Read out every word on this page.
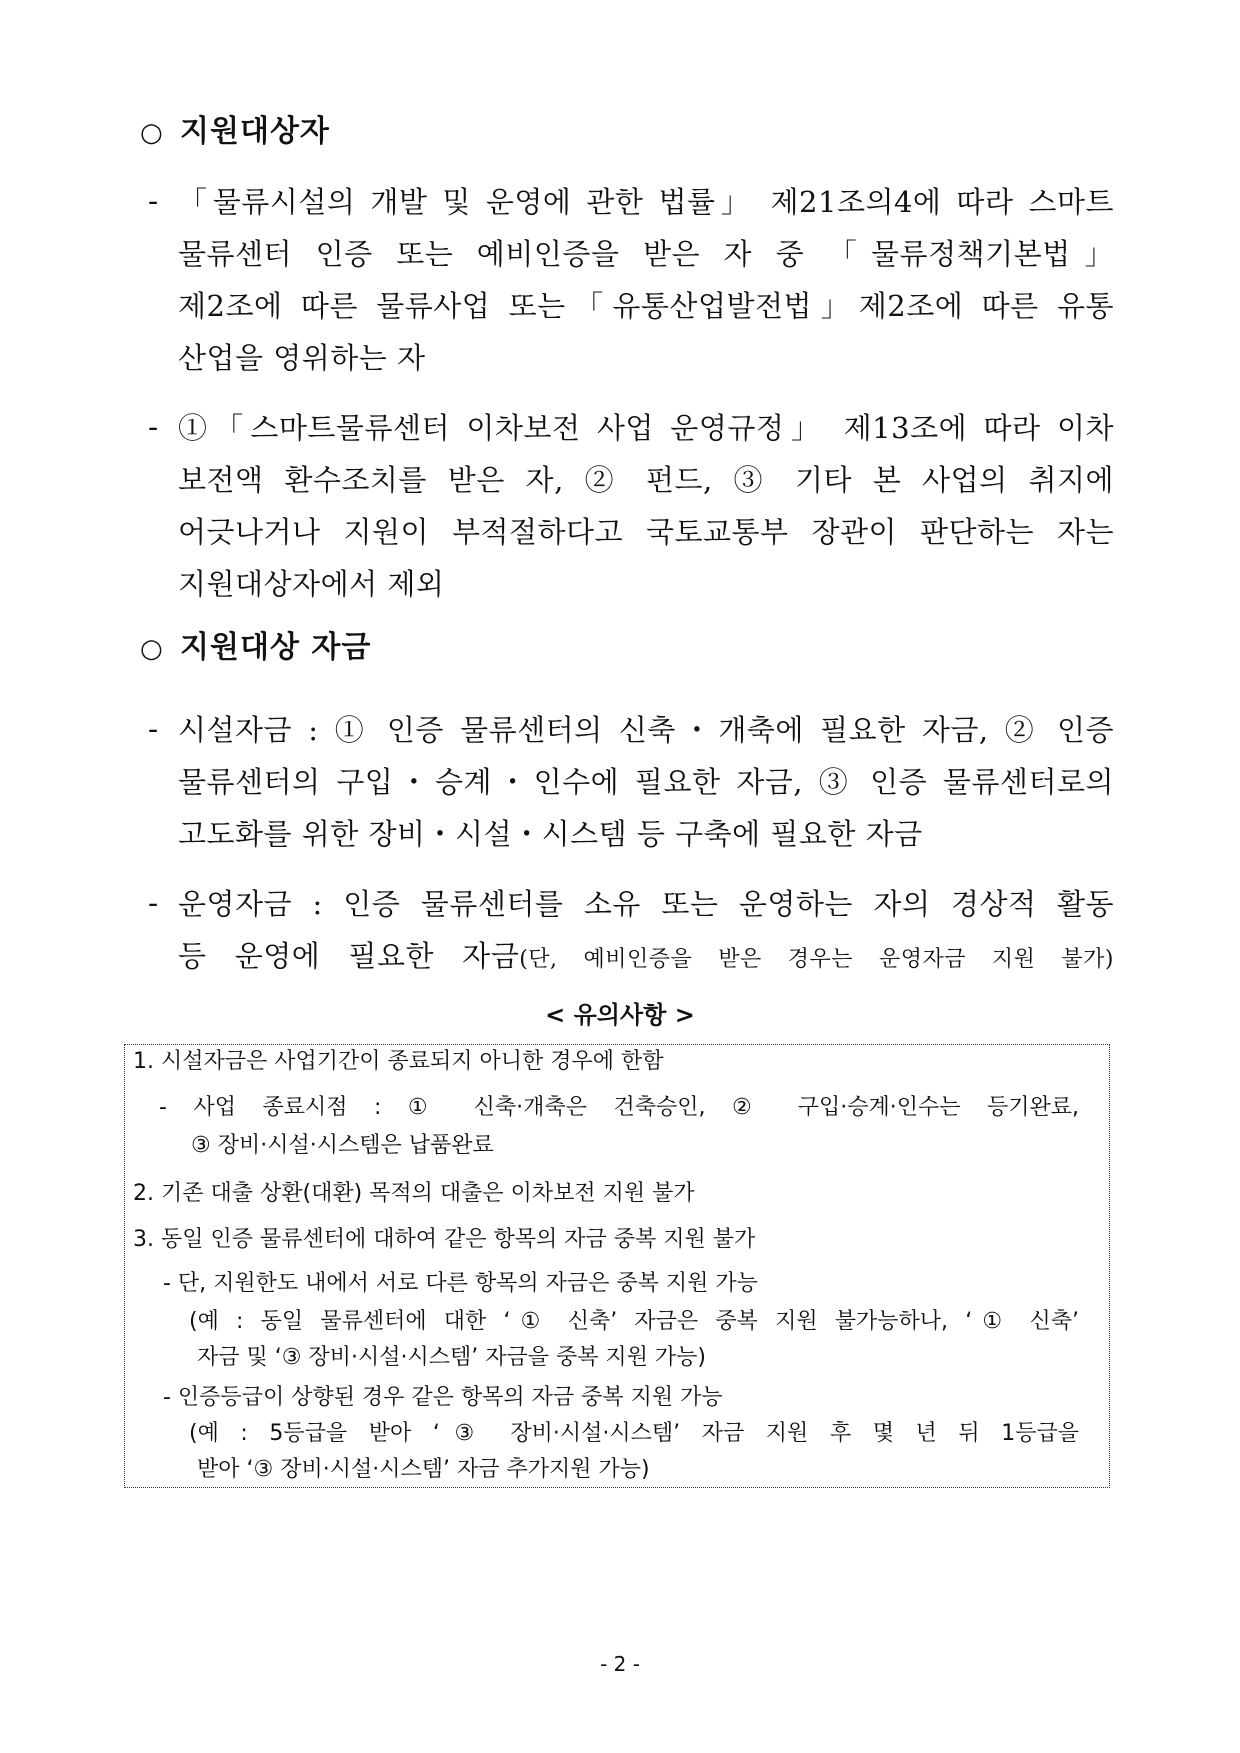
○ 지원대상자
- 「물류시설의 개발 및 운영에 관한 법률」 제21조의4에 따라 스마트
물류센터 인증 또는 예비인증을 받은 자 중 「물류정책기본법」
제2조에 따른 물류사업 또는「유통산업발전법」제2조에 따른 유통
산업을 영위하는 자
- ①「스마트물류센터 이차보전 사업 운영규정」 제13조에 따라 이차
보전액 환수조치를 받은 자, ② 펀드, ③ 기타 본 사업의 취지에
어긋나거나 지원이 부적절하다고 국토교통부 장관이 판단하는 자는
지원대상자에서 제외
○ 지원대상 자금
- 시설자금 : ① 인증 물류센터의 신축・개축에 필요한 자금, ② 인증
물류센터의 구입・승계・인수에 필요한 자금, ③ 인증 물류센터로의
고도화를 위한 장비・시설・시스템 등 구축에 필요한 자금
- 운영자금 : 인증 물류센터를 소유 또는 운영하는 자의 경상적 활동
등 운영에 필요한 자금(단, 예비인증을 받은 경우는 운영자금 지원 불가)
< 유의사항 >
1. 시설자금은 사업기간이 종료되지 아니한 경우에 한함
- 사업 종료시점 : ① 신축·개축은 건축승인, ② 구입·승계·인수는 등기완료,
③ 장비·시설·시스템은 납품완료
2. 기존 대출 상환(대환) 목적의 대출은 이차보전 지원 불가
3. 동일 인증 물류센터에 대하여 같은 항목의 자금 중복 지원 불가
- 단, 지원한도 내에서 서로 다른 항목의 자금은 중복 지원 가능
(예 : 동일 물류센터에 대한 ‘① 신축’ 자금은 중복 지원 불가능하나, ‘① 신축’
자금 및 ‘③ 장비·시설·시스템’ 자금을 중복 지원 가능)
- 인증등급이 상향된 경우 같은 항목의 자금 중복 지원 가능
(예 : 5등급을 받아 ‘③ 장비·시설·시스템’ 자금 지원 후 몇 년 뒤 1등급을
받아 ‘③ 장비·시설·시스템’ 자금 추가지원 가능)
- 2 -
